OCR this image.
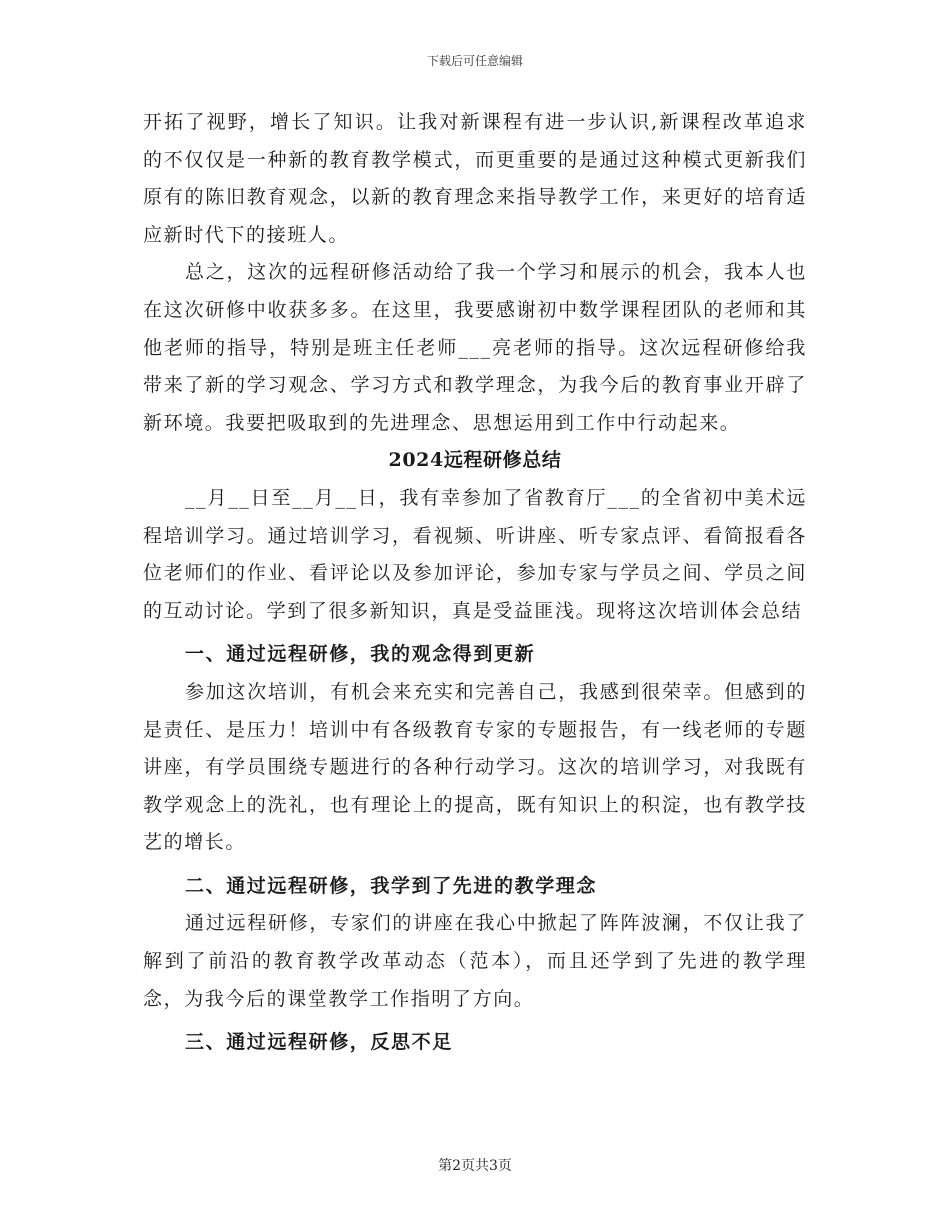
下载后可任意编辑

开拓了视野，增长了知识。让我对新课程有进一步认识,新课程改革追求的不仅仅是一种新的教育教学模式，而更重要的是通过这种模式更新我们原有的陈旧教育观念，以新的教育理念来指导教学工作，来更好的培育适应新时代下的接班人。

总之，这次的远程研修活动给了我一个学习和展示的机会，我本人也在这次研修中收获多多。在这里，我要感谢初中数学课程团队的老师和其他老师的指导，特别是班主任老师___亮老师的指导。这次远程研修给我带来了新的学习观念、学习方式和教学理念，为我今后的教育事业开辟了新环境。我要把吸取到的先进理念、思想运用到工作中行动起来。

2024远程研修总结

__月__日至__月__日，我有幸参加了省教育厅___的全省初中美术远程培训学习。通过培训学习，看视频、听讲座、听专家点评、看简报看各位老师们的作业、看评论以及参加评论，参加专家与学员之间、学员之间的互动讨论。学到了很多新知识，真是受益匪浅。现将这次培训体会总结

一、通过远程研修，我的观念得到更新

参加这次培训，有机会来充实和完善自己，我感到很荣幸。但感到的是责任、是压力！培训中有各级教育专家的专题报告，有一线老师的专题讲座，有学员围绕专题进行的各种行动学习。这次的培训学习，对我既有教学观念上的洗礼，也有理论上的提高，既有知识上的积淀，也有教学技艺的增长。

二、通过远程研修，我学到了先进的教学理念

通过远程研修，专家们的讲座在我心中掀起了阵阵波澜，不仅让我了解到了前沿的教育教学改革动态（范本），而且还学到了先进的教学理念，为我今后的课堂教学工作指明了方向。

三、通过远程研修，反思不足
第2页共3页
